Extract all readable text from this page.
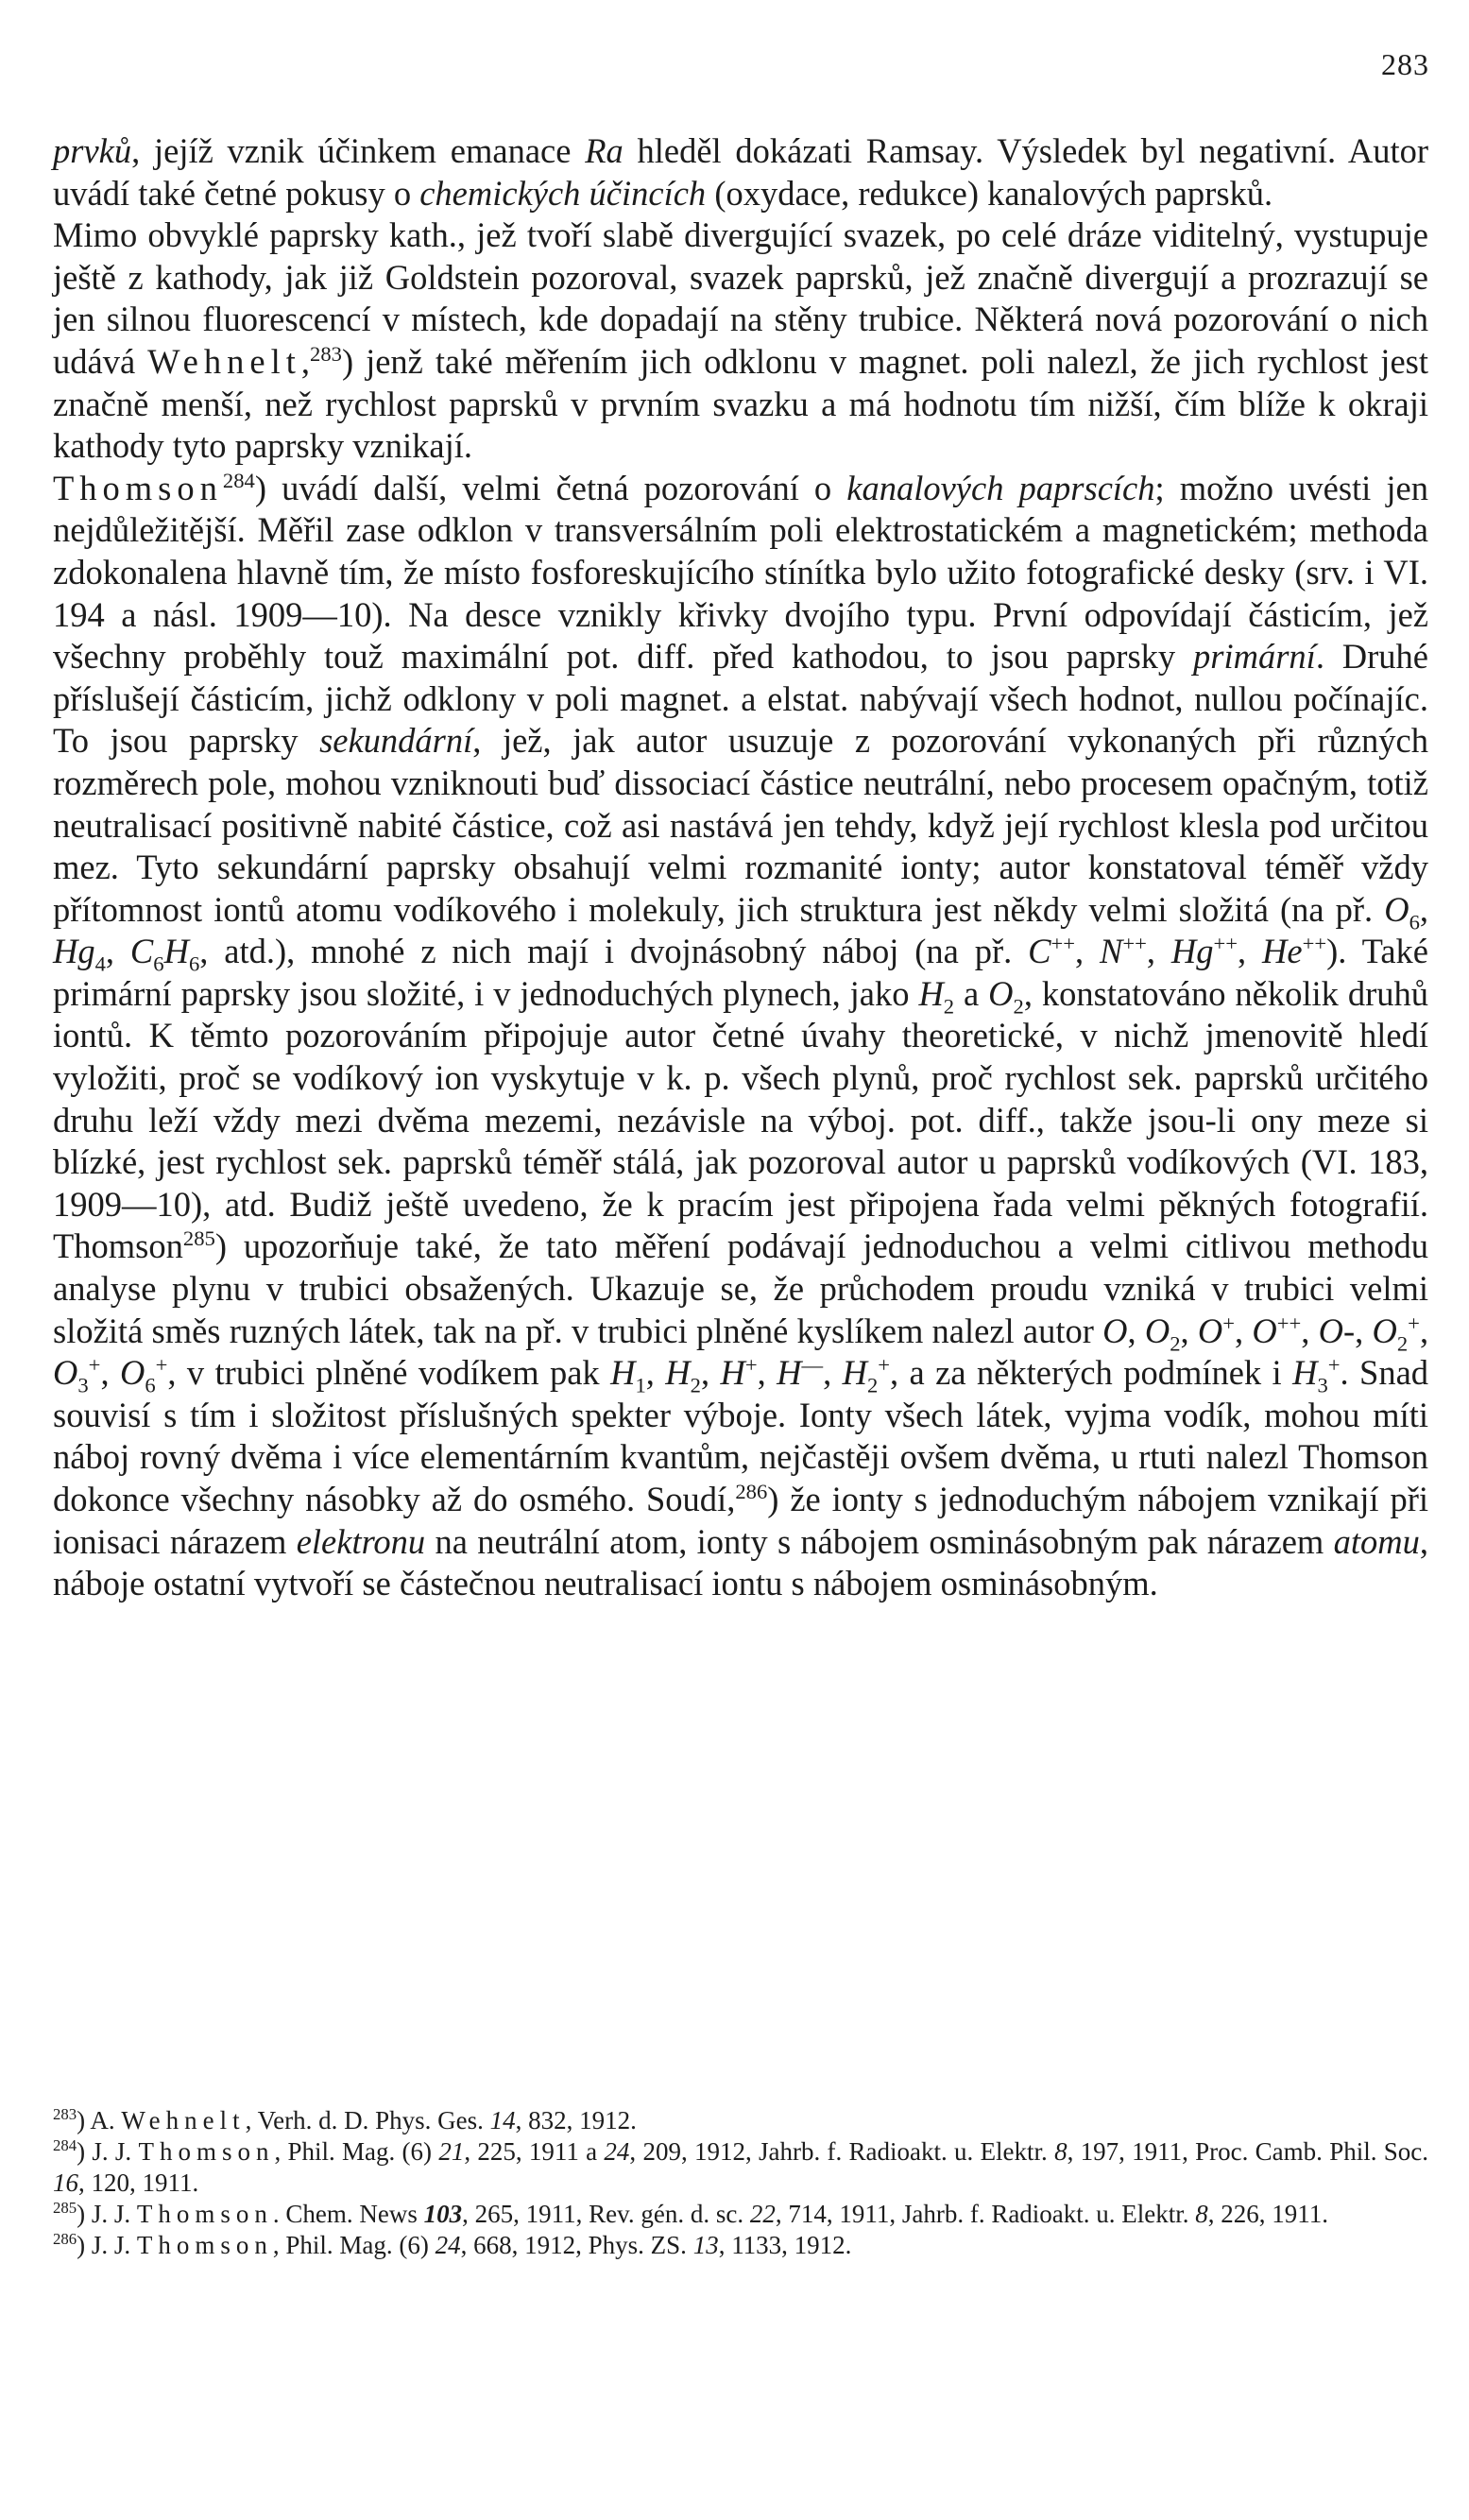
283

prvků, jejíž vznik účinkem emanace Ra hleděl dokázati Ramsay. Výsledek byl negativní. Autor uvádí také četné pokusy o chemických účincích (oxydace, redukce) kanalových paprsků.

Mimo obvyklé paprsky kath., jež tvoří slabě divergující svazek, po celé dráze viditelný, vystupuje ještě z kathody, jak již Goldstein pozoroval, svazek paprsků, jež značně divergují a prozrazují se jen silnou fluorescencí v místech, kde dopadají na stěny trubice. Některá nová pozorování o nich udává Wehnelt,$^{283}$) jenž také měřením jich odklonu v magnet. poli nalezl, že jich rychlost jest značně menší, než rychlost paprsků v prvním svazku a má hodnotu tím nižší, čím blíže k okraji kathody tyto paprsky vznikají.

Thomson$^{284}$) uvádí další, velmi četná pozorování o kanalových paprscích; možno uvésti jen nejdůležitější. Měřil zase odklon v transversálním poli elektrostatickém a magnetickém; methoda zdokonalena hlavně tím, že místo fosforeskujícího stínítka bylo užito fotografické desky (srv. i VI. 194 a násl. 1909—10). Na desce vznikly křivky dvojího typu. První odpovídají částicím, jež všechny proběhly touž maximální pot. diff. před kathodou, to jsou paprsky primární. Druhé příslušejí částicím, jichž odklony v poli magnet. a elstat. nabývají všech hodnot, nullou počínajíc. To jsou paprsky sekundární, jež, jak autor usuzuje z pozorování vykonaných při různých rozměrech pole, mohou vzniknouti buď dissociací částice neutrální, nebo procesem opačným, totiž neutralisací positivně nabité částice, což asi nastává jen tehdy, když její rychlost klesla pod určitou mez. Tyto sekundární paprsky obsahují velmi rozmanité ionty; autor konstatoval téměř vždy přítomnost iontů atomu vodíkového i molekuly, jich struktura jest někdy velmi složitá (na př. $O_6$, $Hg_4$, $C_6H_6$, atd.), mnohé z nich mají i dvojnásobný náboj (na př. C++, N++, Hg++, He++). Také primární paprsky jsou složité, i v jednoduchých plynech, jako $H_2$ a $O_2$, konstatováno několik druhů iontů. K těmto pozorováním připojuje autor četné úvahy theoretické, v nichž jmenovitě hledí vyložiti, proč se vodíkový ion vyskytuje v k. p. všech plynů, proč rychlost sek. paprsků určitého druhu leží vždy mezi dvěma mezemi, nezávisle na výboj. pot. diff., takže jsou-li ony meze si blízké, jest rychlost sek. paprsků téměř stálá, jak pozoroval autor u paprsků vodíkových (VI. 183, 1909—10), atd. Budiž ještě uvedeno, že k pracím jest připojena řada velmi pěkných fotografií. Thomson$^{285}$) upozorňuje také, že tato měření podávají jednoduchou a velmi citlivou methodu analyse plynu v trubici obsažených. Ukazuje se, že průchodem proudu vzniká v trubici velmi složitá směs ruzných látek, tak na př. v trubici plněné kyslíkem nalezl autor O, $O_2$, O+, O++, O-, $O_2^+$, $O_3^+$, $O_6^+$, v trubici plněné vodíkem pak $H_1$, $H_2$, H+, H—, $H_2^+$, a za některých podmínek i $H_3^+$. Snad souvisí s tím i složitost příslušných spekter výboje. Ionty všech látek, vyjma vodík, mohou míti náboj rovný dvěma i více elementárním kvantům, nejčastěji ovšem dvěma, u rtuti nalezl Thomson dokonce všechny násobky až do osmého. Soudí,$^{286}$) že ionty s jednoduchým nábojem vznikají při ionisaci nárazem elektronu na neutrální atom, ionty s nábojem osminásobným pak nárazem atomu, náboje ostatní vytvoří se částečnou neutralisací iontu s nábojem osminásobným.

$^{283}$) A. Wehnelt, Verh. d. D. Phys. Ges. 14, 832, 1912.

$^{284}$) J. J. Thomson, Phil. Mag. (6) 21, 225, 1911 a 24, 209, 1912, Jahrb. f. Radioakt. u. Elektr. 8, 197, 1911, Proc. Camb. Phil. Soc. 16, 120, 1911.

$^{285}$) J. J. Thomson. Chem. News 103, 265, 1911, Rev. gén. d. sc. 22, 714, 1911, Jahrb. f. Radioakt. u. Elektr. 8, 226, 1911.

$^{286}$) J. J. Thomson, Phil. Mag. (6) 24, 668, 1912, Phys. ZS. 13, 1133, 1912.
